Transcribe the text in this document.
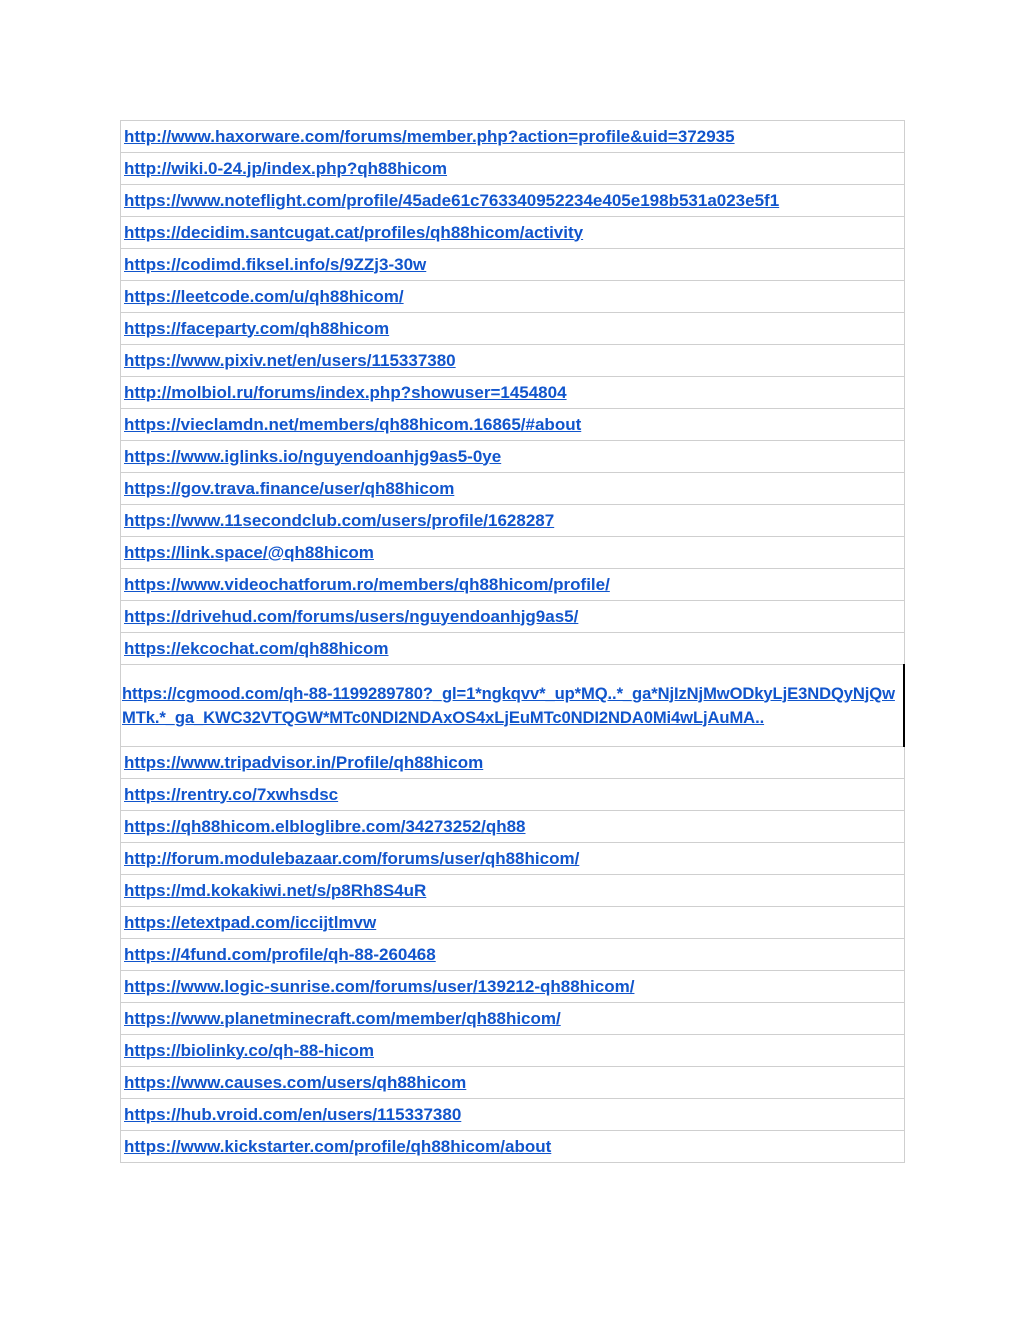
http://www.haxorware.com/forums/member.php?action=profile&uid=372935
http://wiki.0-24.jp/index.php?qh88hicom
https://www.noteflight.com/profile/45ade61c763340952234e405e198b531a023e5f1
https://decidim.santcugat.cat/profiles/qh88hicom/activity
https://codimd.fiksel.info/s/9ZZj3-30w
https://leetcode.com/u/qh88hicom/
https://faceparty.com/qh88hicom
https://www.pixiv.net/en/users/115337380
http://molbiol.ru/forums/index.php?showuser=1454804
https://vieclamdn.net/members/qh88hicom.16865/#about
https://www.iglinks.io/nguyendoanhjg9as5-0ye
https://gov.trava.finance/user/qh88hicom
https://www.11secondclub.com/users/profile/1628287
https://link.space/@qh88hicom
https://www.videochatforum.ro/members/qh88hicom/profile/
https://drivehud.com/forums/users/nguyendoanhjg9as5/
https://ekcochat.com/qh88hicom
https://cgmood.com/qh-88-1199289780?_gl=1*ngkqvv*_up*MQ..*_ga*NjIzNjMwODkyLjE3NDQyNjQwMTk.*_ga_KWC32VTQGW*MTc0NDI2NDAxOS4xLjEuMTc0NDI2NDA0Mi4wLjAuMA..
https://www.tripadvisor.in/Profile/qh88hicom
https://rentry.co/7xwhsdsc
https://qh88hicom.elbloglibre.com/34273252/qh88
http://forum.modulebazaar.com/forums/user/qh88hicom/
https://md.kokakiwi.net/s/p8Rh8S4uR
https://etextpad.com/iccijtlmvw
https://4fund.com/profile/qh-88-260468
https://www.logic-sunrise.com/forums/user/139212-qh88hicom/
https://www.planetminecraft.com/member/qh88hicom/
https://biolinky.co/qh-88-hicom
https://www.causes.com/users/qh88hicom
https://hub.vroid.com/en/users/115337380
https://www.kickstarter.com/profile/qh88hicom/about
